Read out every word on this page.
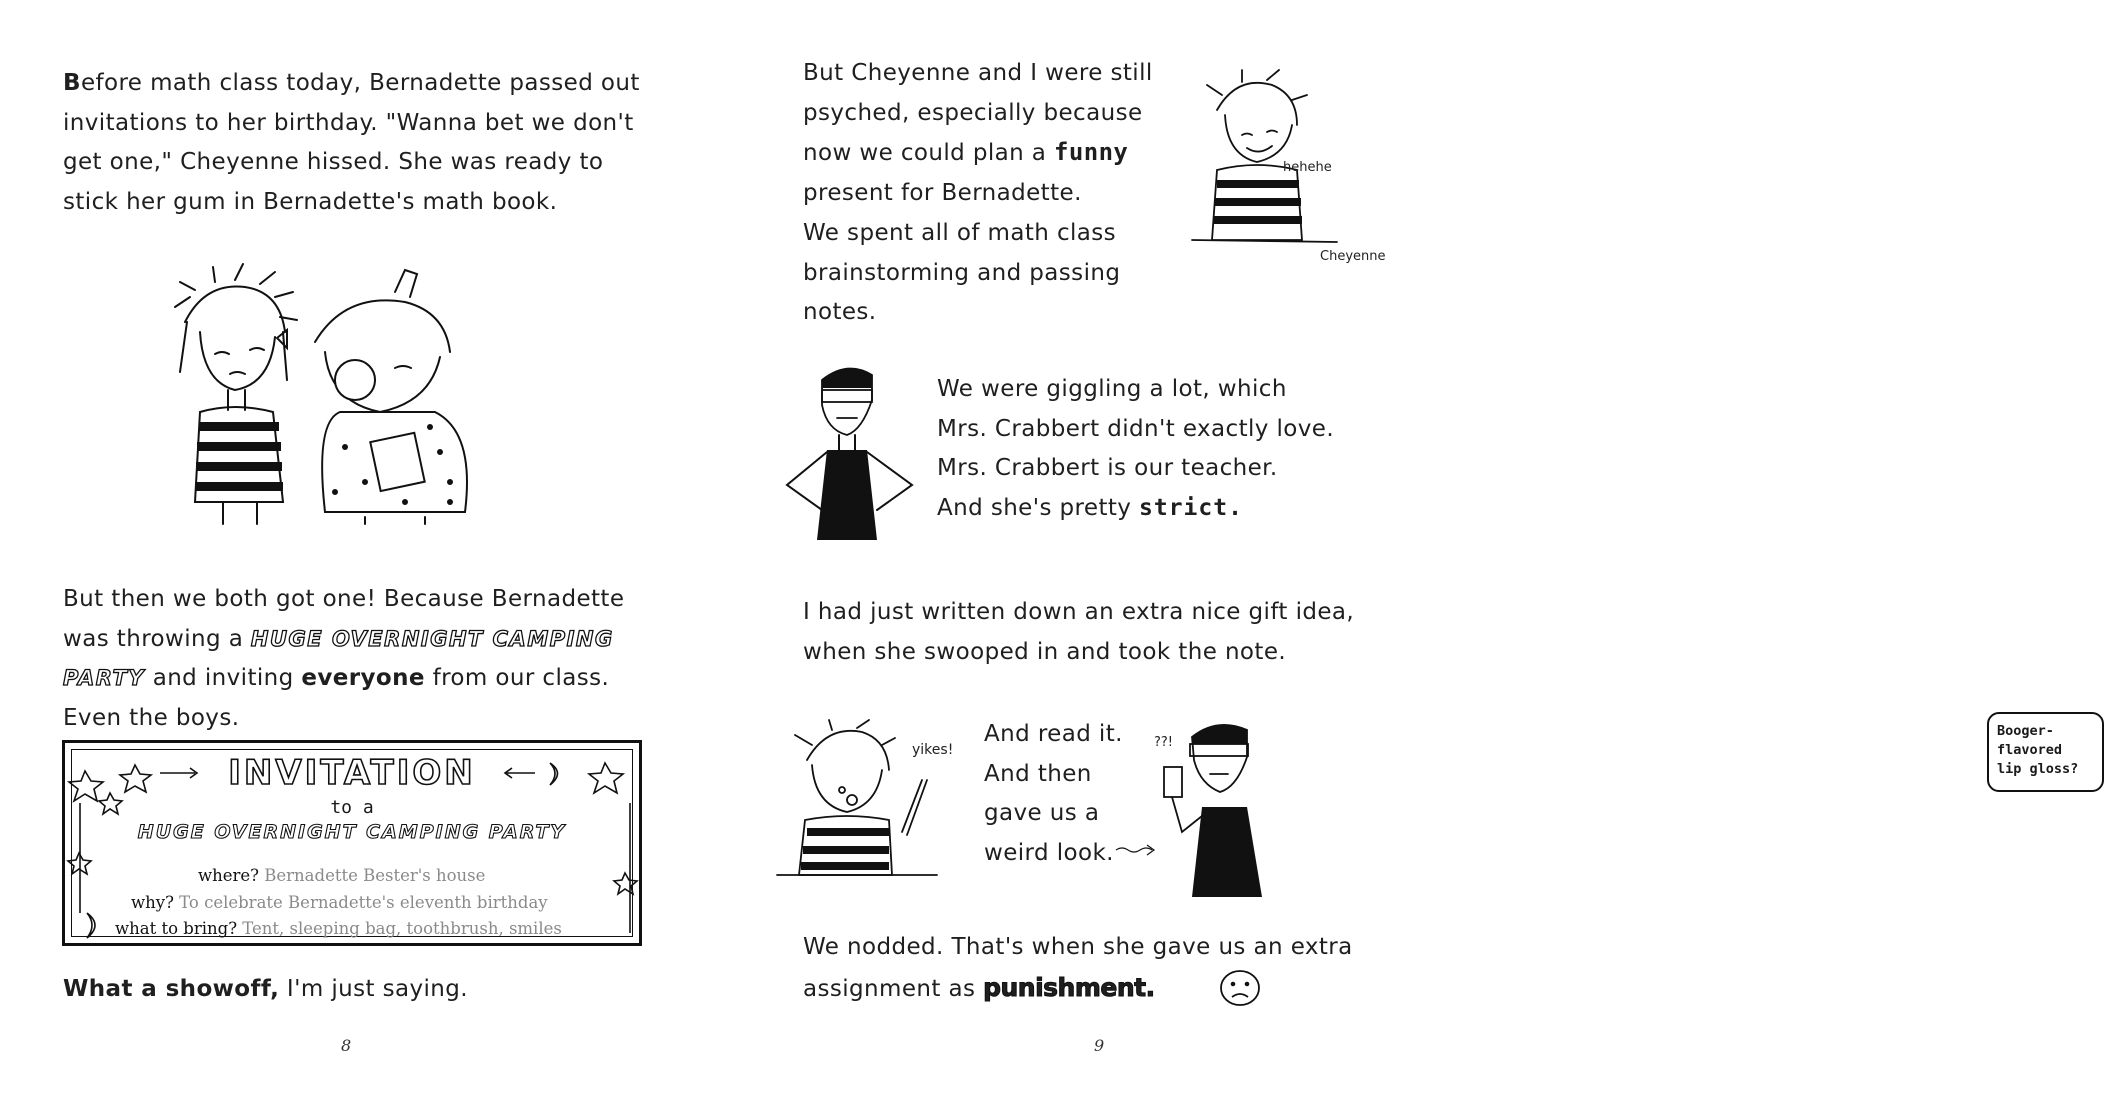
Before math class today, Bernadette passed out invitations to her birthday. "Wanna bet we don't get one," Cheyenne hissed. She was ready to stick her gum in Bernadette's math book.
But then we both got one! Because Bernadette was throwing a HUGE OVERNIGHT CAMPING PARTY and inviting everyone from our class. Even the boys.
INVITATION
to a
HUGE OVERNIGHT CAMPING PARTY
where? Bernadette Bester's house
why? To celebrate Bernadette's eleventh birthday
what to bring? Tent, sleeping bag, toothbrush, smiles
What a showoff, I'm just saying.
8
But Cheyenne and I were still psyched, especially because now we could plan a funny present for Bernadette.
We spent all of math class brainstorming and passing notes.
hehehe
Cheyenne
We were giggling a lot, which
Mrs. Crabbert didn't exactly love.
Mrs. Crabbert is our teacher.
And she's pretty strict.
I had just written down an extra nice gift idea, when she swooped in and took the note.
yikes!
And read it.
And then
gave us a
weird look.
??!
Booger-
flavored
lip gloss?
We nodded. That's when she gave us an extra assignment as punishment.
9
